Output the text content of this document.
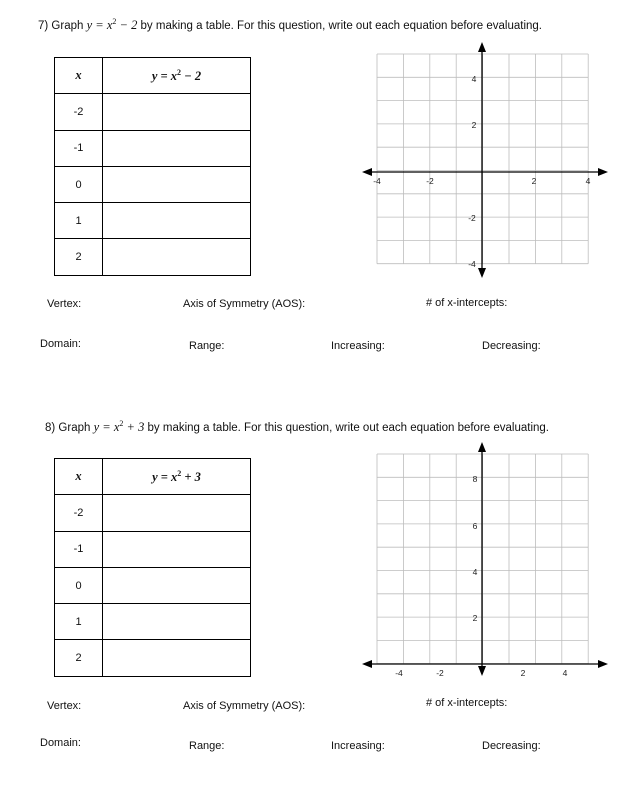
7) Graph $y = x^2 - 2$ by making a table. For this question, write out each equation before evaluating.
x	$y = x^2 - 2$
-2	
-1	
0	
1	
2	
-4	-2	2	4
4
2
-2
-4
Vertex:	Axis of Symmetry (AOS):	# of x-intercepts:
Domain:	Range:	Increasing:	Decreasing:
8) Graph $y = x^2 + 3$ by making a table. For this question, write out each equation before evaluating.
x	$y = x^2 + 3$
-2	
-1	
0	
1	
2	
-4	-2	2	4
8
6
4
2
Vertex:	Axis of Symmetry (AOS):	# of x-intercepts:
Domain:	Range:	Increasing:	Decreasing:
